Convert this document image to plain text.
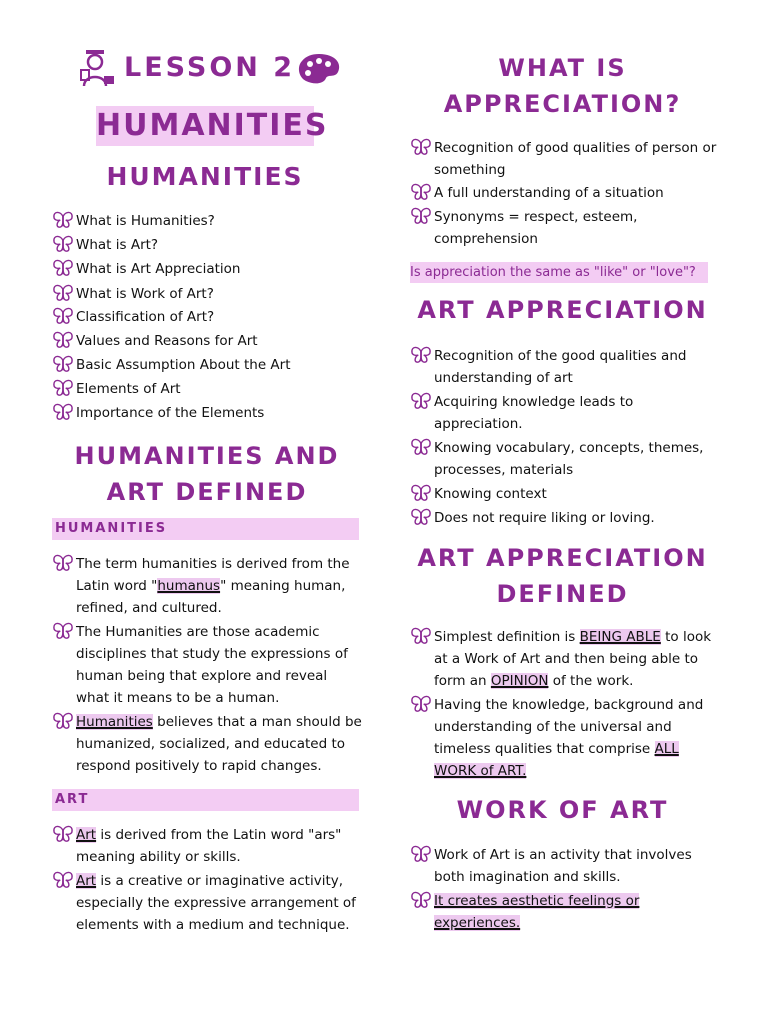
LESSON 2
HUMANITIES
HUMANITIES
What is Humanities?
What is Art?
What is Art Appreciation
What is Work of Art?
Classification of Art?
Values and Reasons for Art
Basic Assumption About the Art
Elements of Art
Importance of the Elements
HUMANITIES AND
ART DEFINED
HUMANITIES
The term humanities is derived from the Latin word "humanus" meaning human, refined, and cultured.
The Humanities are those academic disciplines that study the expressions of human being that explore and reveal what it means to be a human.
Humanities believes that a man should be humanized, socialized, and educated to respond positively to rapid changes.
ART
Art is derived from the Latin word "ars" meaning ability or skills.
Art is a creative or imaginative activity, especially the expressive arrangement of elements with a medium and technique.
WHAT IS
APPRECIATION?
Recognition of good qualities of person or something
A full understanding of a situation
Synonyms = respect, esteem, comprehension
Is appreciation the same as "like" or "love"?
ART APPRECIATION
Recognition of the good qualities and understanding of art
Acquiring knowledge leads to appreciation.
Knowing vocabulary, concepts, themes, processes, materials
Knowing context
Does not require liking or loving.
ART APPRECIATION
DEFINED
Simplest definition is BEING ABLE to look at a Work of Art and then being able to form an OPINION of the work.
Having the knowledge, background and understanding of the universal and timeless qualities that comprise ALL WORK of ART.
WORK OF ART
Work of Art is an activity that involves both imagination and skills.
It creates aesthetic feelings or experiences.
